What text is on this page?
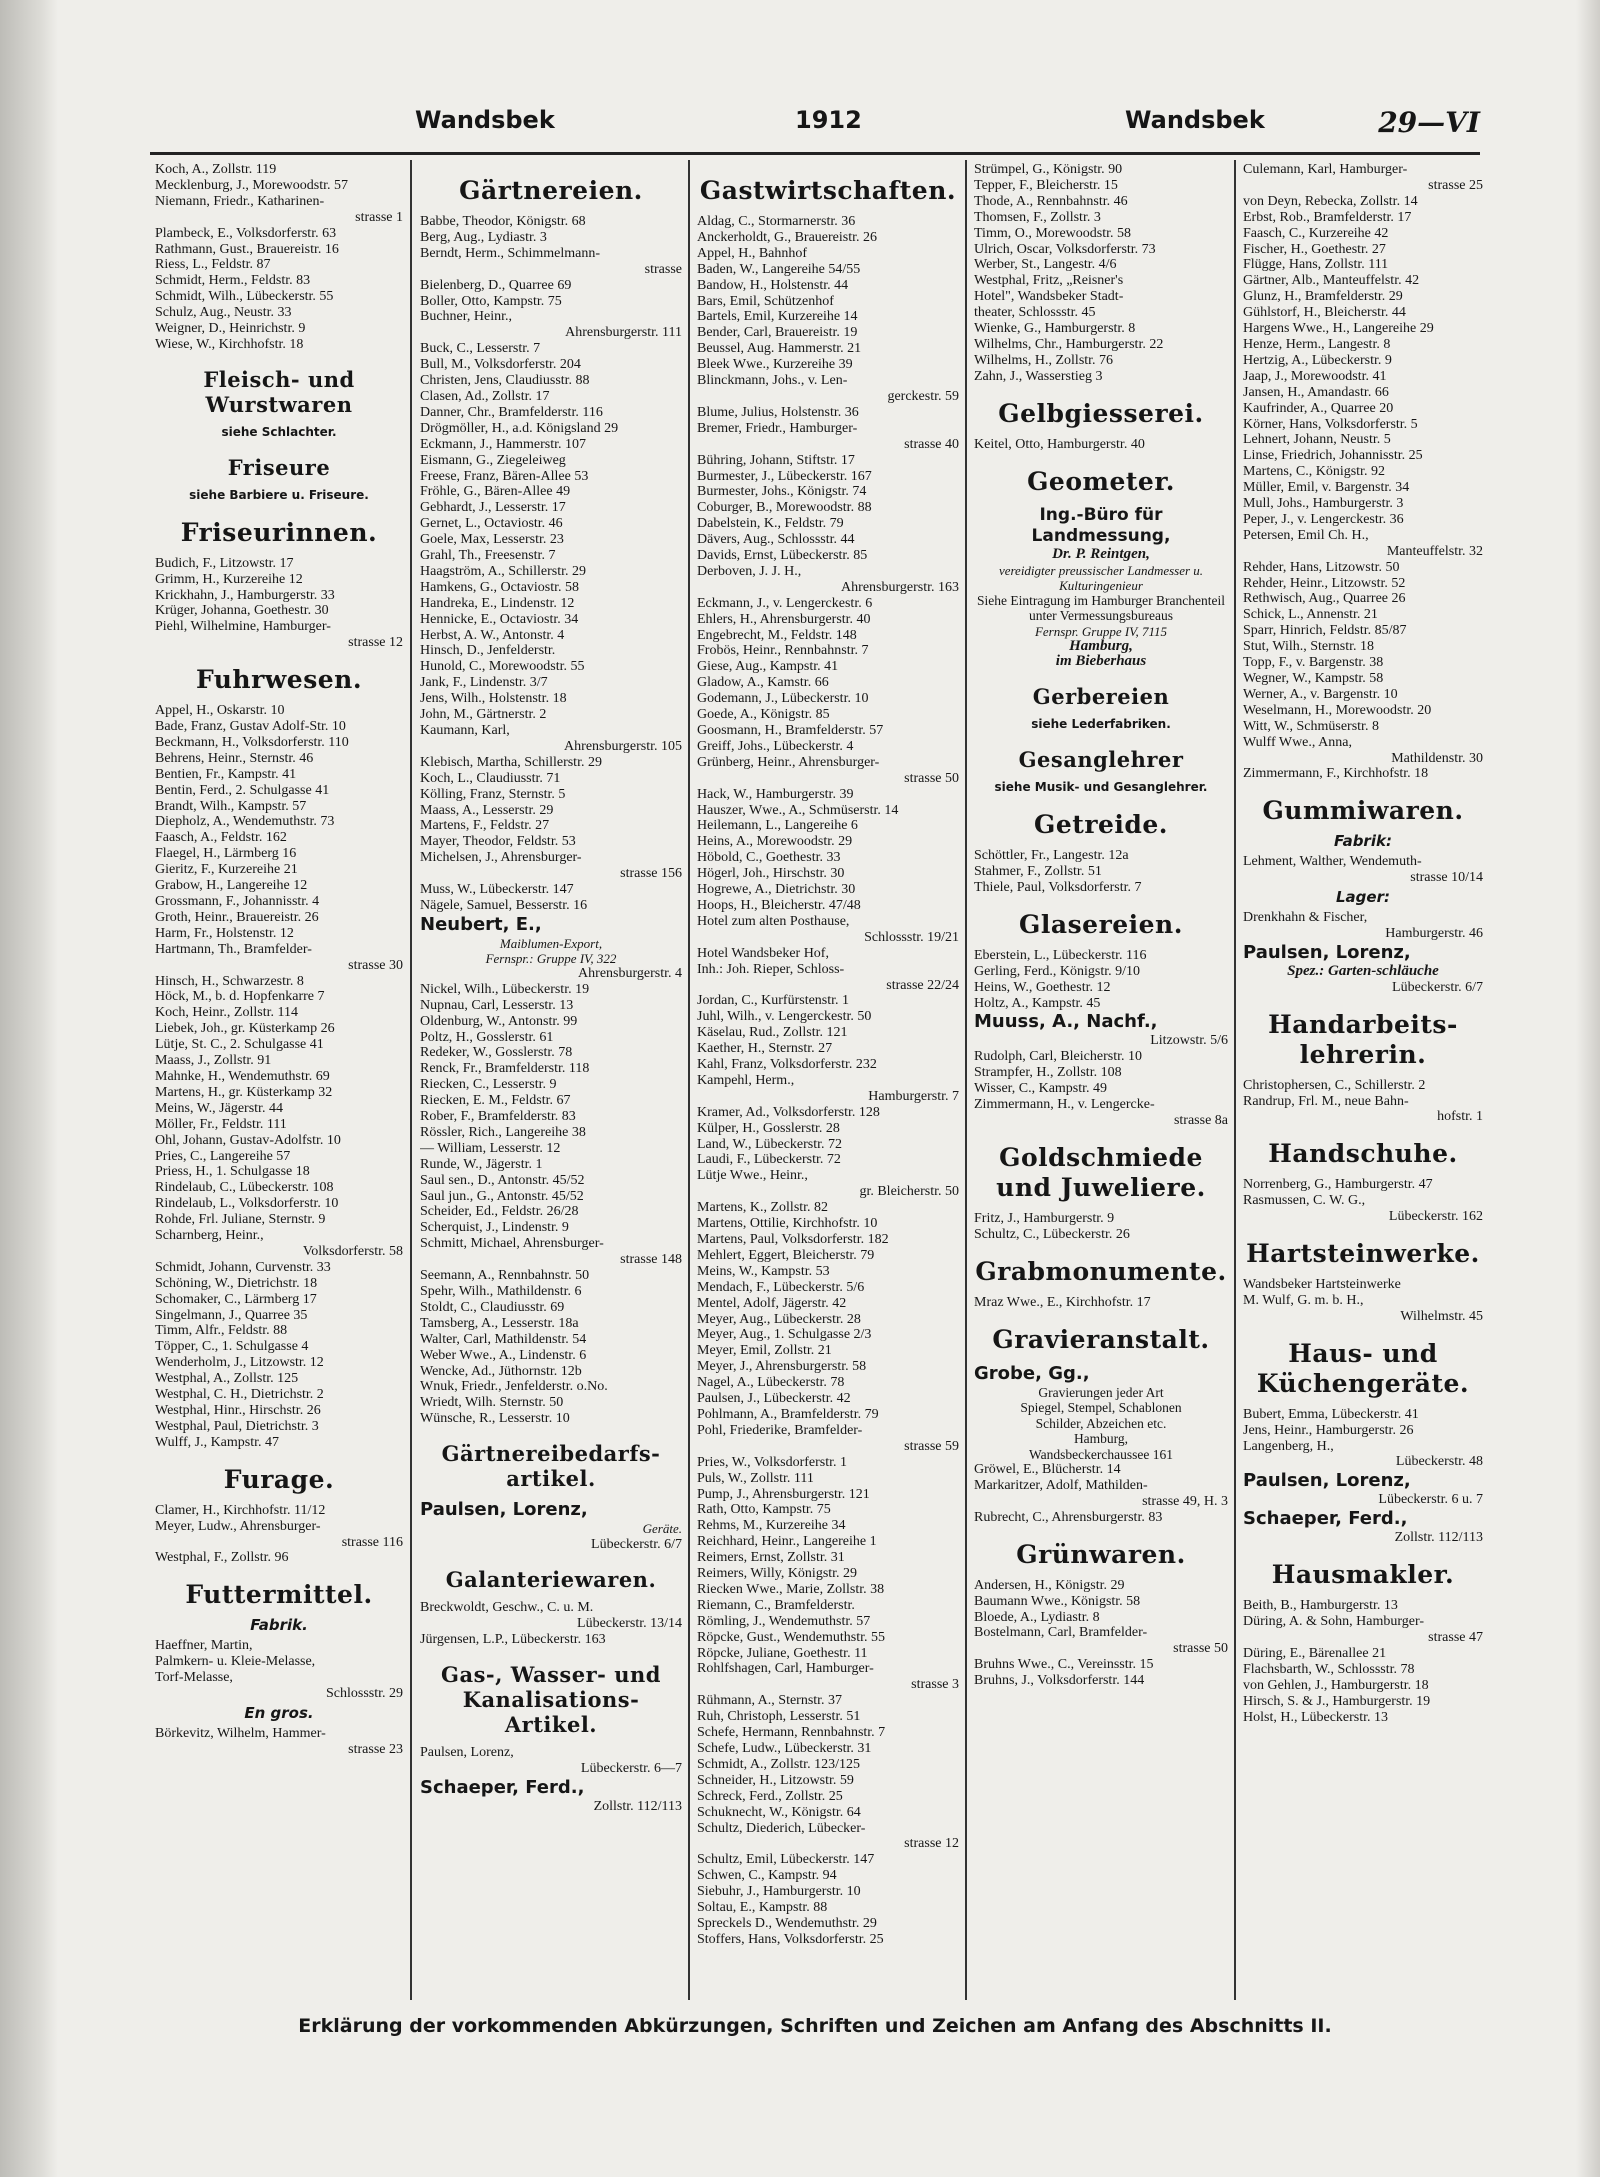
Wandsbek	1912	Wandsbek	29—VI
Koch, A., Zollstr. 119
Mecklenburg, J., Morewoodstr. 57
Niemann, Friedr., Katharinen-
strasse 1
Plambeck, E., Volksdorferstr. 63
Rathmann, Gust., Brauereistr. 16
Riess, L., Feldstr. 87
Schmidt, Herm., Feldstr. 83
Schmidt, Wilh., Lübeckerstr. 55
Schulz, Aug., Neustr. 33
Weigner, D., Heinrichstr. 9
Wiese, W., Kirchhofstr. 18
Fleisch- und Wurstwaren
siehe Schlachter.
Friseure
siehe Barbiere u. Friseure.
Friseurinnen.
Budich, F., Litzowstr. 17
Grimm, H., Kurzereihe 12
Krickhahn, J., Hamburgerstr. 33
Krüger, Johanna, Goethestr. 30
Piehl, Wilhelmine, Hamburger-
strasse 12
Fuhrwesen.
Appel, H., Oskarstr. 10
Bade, Franz, Gustav Adolf-Str. 10
Beckmann, H., Volksdorferstr. 110
Behrens, Heinr., Sternstr. 46
Bentien, Fr., Kampstr. 41
Bentin, Ferd., 2. Schulgasse 41
Brandt, Wilh., Kampstr. 57
Diepholz, A., Wendemuthstr. 73
Faasch, A., Feldstr. 162
Flaegel, H., Lärmberg 16
Gieritz, F., Kurzereihe 21
Grabow, H., Langereihe 12
Grossmann, F., Johannisstr. 4
Groth, Heinr., Brauereistr. 26
Harm, Fr., Holstenstr. 12
Hartmann, Th., Bramfelder-
strasse 30
Hinsch, H., Schwarzestr. 8
Höck, M., b. d. Hopfenkarre 7
Koch, Heinr., Zollstr. 114
Liebek, Joh., gr. Küsterkamp 26
Lütje, St. C., 2. Schulgasse 41
Maass, J., Zollstr. 91
Mahnke, H., Wendemuthstr. 69
Martens, H., gr. Küsterkamp 32
Meins, W., Jägerstr. 44
Möller, Fr., Feldstr. 111
Ohl, Johann, Gustav-Adolfstr. 10
Pries, C., Langereihe 57
Priess, H., 1. Schulgasse 18
Rindelaub, C., Lübeckerstr. 108
Rindelaub, L., Volksdorferstr. 10
Rohde, Frl. Juliane, Sternstr. 9
Scharnberg, Heinr.,
Volksdorferstr. 58
Schmidt, Johann, Curvenstr. 33
Schöning, W., Dietrichstr. 18
Schomaker, C., Lärmberg 17
Singelmann, J., Quarree 35
Timm, Alfr., Feldstr. 88
Töpper, C., 1. Schulgasse 4
Wenderholm, J., Litzowstr. 12
Westphal, A., Zollstr. 125
Westphal, C. H., Dietrichstr. 2
Westphal, Hinr., Hirschstr. 26
Westphal, Paul, Dietrichstr. 3
Wulff, J., Kampstr. 47
Furage.
Clamer, H., Kirchhofstr. 11/12
Meyer, Ludw., Ahrensburger-
strasse 116
Westphal, F., Zollstr. 96
Futtermittel.
Fabrik.
Haeffner, Martin,
Palmkern- u. Kleie-Melasse,
Torf-Melasse,
Schlossstr. 29
En gros.
Börkevitz, Wilhelm, Hammer-
strasse 23
Gärtnereien.
Babbe, Theodor, Königstr. 68
Berg, Aug., Lydiastr. 3
Berndt, Herm., Schimmelmann-
strasse
Bielenberg, D., Quarree 69
Boller, Otto, Kampstr. 75
Buchner, Heinr.,
Ahrensburgerstr. 111
Buck, C., Lesserstr. 7
Bull, M., Volksdorferstr. 204
Christen, Jens, Claudiusstr. 88
Clasen, Ad., Zollstr. 17
Danner, Chr., Bramfelderstr. 116
Drögmöller, H., a.d. Königsland 29
Eckmann, J., Hammerstr. 107
Eismann, G., Ziegeleiweg
Freese, Franz, Bären-Allee 53
Fröhle, G., Bären-Allee 49
Gebhardt, J., Lesserstr. 17
Gernet, L., Octaviostr. 46
Goele, Max, Lesserstr. 23
Grahl, Th., Freesenstr. 7
Haagström, A., Schillerstr. 29
Hamkens, G., Octaviostr. 58
Handreka, E., Lindenstr. 12
Hennicke, E., Octaviostr. 34
Herbst, A. W., Antonstr. 4
Hinsch, D., Jenfelderstr.
Hunold, C., Morewoodstr. 55
Jank, F., Lindenstr. 3/7
Jens, Wilh., Holstenstr. 18
John, M., Gärtnerstr. 2
Kaumann, Karl,
Ahrensburgerstr. 105
Klebisch, Martha, Schillerstr. 29
Koch, L., Claudiusstr. 71
Kölling, Franz, Sternstr. 5
Maass, A., Lesserstr. 29
Martens, F., Feldstr. 27
Mayer, Theodor, Feldstr. 53
Michelsen, J., Ahrensburger-
strasse 156
Muss, W., Lübeckerstr. 147
Nägele, Samuel, Besserstr. 16
Neubert, E.,
Maiblumen-Export,
Fernspr.: Gruppe IV, 322
Ahrensburgerstr. 4
Nickel, Wilh., Lübeckerstr. 19
Nupnau, Carl, Lesserstr. 13
Oldenburg, W., Antonstr. 99
Poltz, H., Gosslerstr. 61
Redeker, W., Gosslerstr. 78
Renck, Fr., Bramfelderstr. 118
Riecken, C., Lesserstr. 9
Riecken, E. M., Feldstr. 67
Rober, F., Bramfelderstr. 83
Rössler, Rich., Langereihe 38
— William, Lesserstr. 12
Runde, W., Jägerstr. 1
Saul sen., D., Antonstr. 45/52
Saul jun., G., Antonstr. 45/52
Scheider, Ed., Feldstr. 26/28
Scherquist, J., Lindenstr. 9
Schmitt, Michael, Ahrensburger-
strasse 148
Seemann, A., Rennbahnstr. 50
Spehr, Wilh., Mathildenstr. 6
Stoldt, C., Claudiusstr. 69
Tamsberg, A., Lesserstr. 18a
Walter, Carl, Mathildenstr. 54
Weber Wwe., A., Lindenstr. 6
Wencke, Ad., Jüthornstr. 12b
Wnuk, Friedr., Jenfelderstr. o.No.
Wriedt, Wilh. Sternstr. 50
Wünsche, R., Lesserstr. 10
Gärtnereibedarfs-artikel.
Paulsen, Lorenz,
Geräte.
Lübeckerstr. 6/7
Galanteriewaren.
Breckwoldt, Geschw., C. u. M.
Lübeckerstr. 13/14
Jürgensen, L.P., Lübeckerstr. 163
Gas-, Wasser- und Kanalisations-Artikel.
Paulsen, Lorenz,
Lübeckerstr. 6—7
Schaeper, Ferd.,
Zollstr. 112/113
Gastwirtschaften.
Aldag, C., Stormarnerstr. 36
Anckerholdt, G., Brauereistr. 26
Appel, H., Bahnhof
Baden, W., Langereihe 54/55
Bandow, H., Holstenstr. 44
Bars, Emil, Schützenhof
Bartels, Emil, Kurzereihe 14
Bender, Carl, Brauereistr. 19
Beussel, Aug. Hammerstr. 21
Bleek Wwe., Kurzereihe 39
Blinckmann, Johs., v. Len-
gerckestr. 59
Blume, Julius, Holstenstr. 36
Bremer, Friedr., Hamburger-
strasse 40
Bühring, Johann, Stiftstr. 17
Burmester, J., Lübeckerstr. 167
Burmester, Johs., Königstr. 74
Coburger, B., Morewoodstr. 88
Dabelstein, K., Feldstr. 79
Dävers, Aug., Schlossstr. 44
Davids, Ernst, Lübeckerstr. 85
Derboven, J. J. H.,
Ahrensburgerstr. 163
Eckmann, J., v. Lengerckestr. 6
Ehlers, H., Ahrensburgerstr. 40
Engebrecht, M., Feldstr. 148
Frobös, Heinr., Rennbahnstr. 7
Giese, Aug., Kampstr. 41
Gladow, A., Kamstr. 66
Godemann, J., Lübeckerstr. 10
Goede, A., Königstr. 85
Goosmann, H., Bramfelderstr. 57
Greiff, Johs., Lübeckerstr. 4
Grünberg, Heinr., Ahrensburger-
strasse 50
Hack, W., Hamburgerstr. 39
Hauszer, Wwe., A., Schmüserstr. 14
Heilemann, L., Langereihe 6
Heins, A., Morewoodstr. 29
Höbold, C., Goethestr. 33
Högerl, Joh., Hirschstr. 30
Hogrewe, A., Dietrichstr. 30
Hoops, H., Bleicherstr. 47/48
Hotel zum alten Posthause,
Schlossstr. 19/21
Hotel Wandsbeker Hof,
Inh.: Joh. Rieper, Schloss-
strasse 22/24
Jordan, C., Kurfürstenstr. 1
Juhl, Wilh., v. Lengerckestr. 50
Käselau, Rud., Zollstr. 121
Kaether, H., Sternstr. 27
Kahl, Franz, Volksdorferstr. 232
Kampehl, Herm.,
Hamburgerstr. 7
Kramer, Ad., Volksdorferstr. 128
Külper, H., Gosslerstr. 28
Land, W., Lübeckerstr. 72
Laudi, F., Lübeckerstr. 72
Lütje Wwe., Heinr.,
gr. Bleicherstr. 50
Martens, K., Zollstr. 82
Martens, Ottilie, Kirchhofstr. 10
Martens, Paul, Volksdorferstr. 182
Mehlert, Eggert, Bleicherstr. 79
Meins, W., Kampstr. 53
Mendach, F., Lübeckerstr. 5/6
Mentel, Adolf, Jägerstr. 42
Meyer, Aug., Lübeckerstr. 28
Meyer, Aug., 1. Schulgasse 2/3
Meyer, Emil, Zollstr. 21
Meyer, J., Ahrensburgerstr. 58
Nagel, A., Lübeckerstr. 78
Paulsen, J., Lübeckerstr. 42
Pohlmann, A., Bramfelderstr. 79
Pohl, Friederike, Bramfelder-
strasse 59
Pries, W., Volksdorferstr. 1
Puls, W., Zollstr. 111
Pump, J., Ahrensburgerstr. 121
Rath, Otto, Kampstr. 75
Rehms, M., Kurzereihe 34
Reichhard, Heinr., Langereihe 1
Reimers, Ernst, Zollstr. 31
Reimers, Willy, Königstr. 29
Riecken Wwe., Marie, Zollstr. 38
Riemann, C., Bramfelderstr.
Römling, J., Wendemuthstr. 57
Röpcke, Gust., Wendemuthstr. 55
Röpcke, Juliane, Goethestr. 11
Rohlfshagen, Carl, Hamburger-
strasse 3
Rühmann, A., Sternstr. 37
Ruh, Christoph, Lesserstr. 51
Schefe, Hermann, Rennbahnstr. 7
Schefe, Ludw., Lübeckerstr. 31
Schmidt, A., Zollstr. 123/125
Schneider, H., Litzowstr. 59
Schreck, Ferd., Zollstr. 25
Schuknecht, W., Königstr. 64
Schultz, Diederich, Lübecker-
strasse 12
Schultz, Emil, Lübeckerstr. 147
Schwen, C., Kampstr. 94
Siebuhr, J., Hamburgerstr. 10
Soltau, E., Kampstr. 88
Spreckels D., Wendemuthstr. 29
Stoffers, Hans, Volksdorferstr. 25
Strümpel, G., Königstr. 90
Tepper, F., Bleicherstr. 15
Thode, A., Rennbahnstr. 46
Thomsen, F., Zollstr. 3
Timm, O., Morewoodstr. 58
Ulrich, Oscar, Volksdorferstr. 73
Werber, St., Langestr. 4/6
Westphal, Fritz, „Reisner's
Hotel", Wandsbeker Stadt-
theater, Schlossstr. 45
Wienke, G., Hamburgerstr. 8
Wilhelms, Chr., Hamburgerstr. 22
Wilhelms, H., Zollstr. 76
Zahn, J., Wasserstieg 3
Gelbgiesserei.
Keitel, Otto, Hamburgerstr. 40
Geometer.
Ing.-Büro für Landmessung,
Dr. P. Reintgen,
vereidigter preussischer Landmesser u. Kulturingenieur
Siehe Eintragung im Hamburger Branchenteil unter Vermessungsbureaus
Fernspr. Gruppe IV, 7115
Hamburg,
im Bieberhaus
Gerbereien
siehe Lederfabriken.
Gesanglehrer
siehe Musik- und Gesanglehrer.
Getreide.
Schöttler, Fr., Langestr. 12a
Stahmer, F., Zollstr. 51
Thiele, Paul, Volksdorferstr. 7
Glasereien.
Eberstein, L., Lübeckerstr. 116
Gerling, Ferd., Königstr. 9/10
Heins, W., Goethestr. 12
Holtz, A., Kampstr. 45
Muuss, A., Nachf.,
Litzowstr. 5/6
Rudolph, Carl, Bleicherstr. 10
Strampfer, H., Zollstr. 108
Wisser, C., Kampstr. 49
Zimmermann, H., v. Lengercke-
strasse 8a
Goldschmiede und Juweliere.
Fritz, J., Hamburgerstr. 9
Schultz, C., Lübeckerstr. 26
Grabmonumente.
Mraz Wwe., E., Kirchhofstr. 17
Gravieranstalt.
Grobe, Gg.,
Gravierungen jeder Art
Spiegel, Stempel, Schablonen
Schilder, Abzeichen etc.
Hamburg,
Wandsbeckerchaussee 161
Gröwel, E., Blücherstr. 14
Markaritzer, Adolf, Mathilden-
strasse 49, H. 3
Rubrecht, C., Ahrensburgerstr. 83
Grünwaren.
Andersen, H., Königstr. 29
Baumann Wwe., Königstr. 58
Bloede, A., Lydiastr. 8
Bostelmann, Carl, Bramfelder-
strasse 50
Bruhns Wwe., C., Vereinsstr. 15
Bruhns, J., Volksdorferstr. 144
Culemann, Karl, Hamburger-
strasse 25
von Deyn, Rebecka, Zollstr. 14
Erbst, Rob., Bramfelderstr. 17
Faasch, C., Kurzereihe 42
Fischer, H., Goethestr. 27
Flügge, Hans, Zollstr. 111
Gärtner, Alb., Manteuffelstr. 42
Glunz, H., Bramfelderstr. 29
Gühlstorf, H., Bleicherstr. 44
Hargens Wwe., H., Langereihe 29
Henze, Herm., Langestr. 8
Hertzig, A., Lübeckerstr. 9
Jaap, J., Morewoodstr. 41
Jansen, H., Amandastr. 66
Kaufrinder, A., Quarree 20
Körner, Hans, Volksdorferstr. 5
Lehnert, Johann, Neustr. 5
Linse, Friedrich, Johannisstr. 25
Martens, C., Königstr. 92
Müller, Emil, v. Bargenstr. 34
Mull, Johs., Hamburgerstr. 3
Peper, J., v. Lengerckestr. 36
Petersen, Emil Ch. H.,
Manteuffelstr. 32
Rehder, Hans, Litzowstr. 50
Rehder, Heinr., Litzowstr. 52
Rethwisch, Aug., Quarree 26
Schick, L., Annenstr. 21
Sparr, Hinrich, Feldstr. 85/87
Stut, Wilh., Sternstr. 18
Topp, F., v. Bargenstr. 38
Wegner, W., Kampstr. 58
Werner, A., v. Bargenstr. 10
Weselmann, H., Morewoodstr. 20
Witt, W., Schmüserstr. 8
Wulff Wwe., Anna,
Mathildenstr. 30
Zimmermann, F., Kirchhofstr. 18
Gummiwaren.
Fabrik:
Lehment, Walther, Wendemuth-
strasse 10/14
Lager:
Drenkhahn & Fischer,
Hamburgerstr. 46
Paulsen, Lorenz,
Spez.: Garten-schläuche
Lübeckerstr. 6/7
Handarbeits-lehrerin.
Christophersen, C., Schillerstr. 2
Randrup, Frl. M., neue Bahn-
hofstr. 1
Handschuhe.
Norrenberg, G., Hamburgerstr. 47
Rasmussen, C. W. G.,
Lübeckerstr. 162
Hartsteinwerke.
Wandsbeker Hartsteinwerke
M. Wulf, G. m. b. H.,
Wilhelmstr. 45
Haus- und Küchengeräte.
Bubert, Emma, Lübeckerstr. 41
Jens, Heinr., Hamburgerstr. 26
Langenberg, H.,
Lübeckerstr. 48
Paulsen, Lorenz,
Lübeckerstr. 6 u. 7
Schaeper, Ferd.,
Zollstr. 112/113
Hausmakler.
Beith, B., Hamburgerstr. 13
Düring, A. & Sohn, Hamburger-
strasse 47
Düring, E., Bärenallee 21
Flachsbarth, W., Schlossstr. 78
von Gehlen, J., Hamburgerstr. 18
Hirsch, S. & J., Hamburgerstr. 19
Holst, H., Lübeckerstr. 13
Erklärung der vorkommenden Abkürzungen, Schriften und Zeichen am Anfang des Abschnitts II.
